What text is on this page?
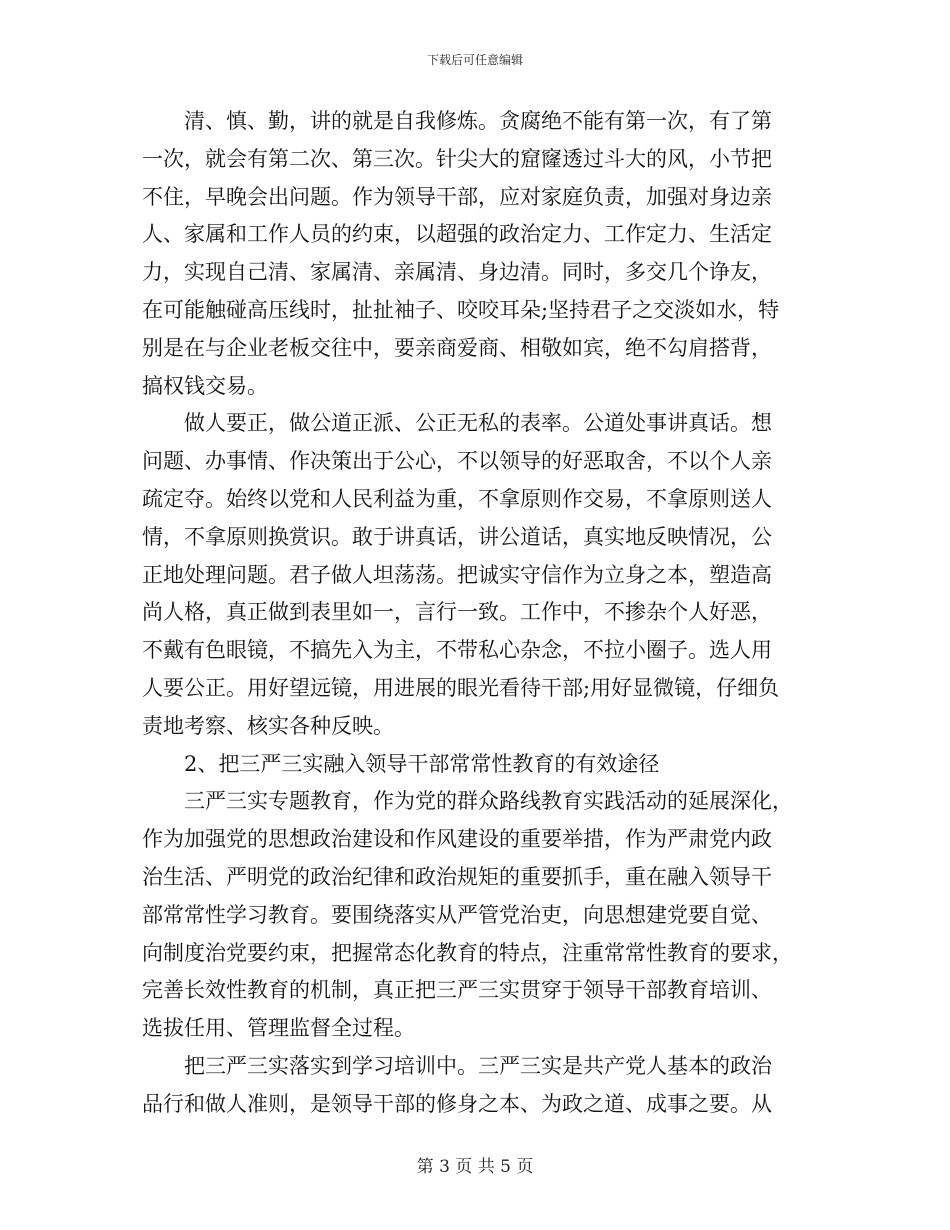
下载后可任意编辑

清、慎、勤，讲的就是自我修炼。贪腐绝不能有第一次，有了第
一次，就会有第二次、第三次。针尖大的窟窿透过斗大的风，小节把
不住，早晚会出问题。作为领导干部，应对家庭负责，加强对身边亲
人、家属和工作人员的约束，以超强的政治定力、工作定力、生活定
力，实现自己清、家属清、亲属清、身边清。同时，多交几个诤友，
在可能触碰高压线时，扯扯袖子、咬咬耳朵;坚持君子之交淡如水，特
别是在与企业老板交往中，要亲商爱商、相敬如宾，绝不勾肩搭背，
搞权钱交易。

做人要正，做公道正派、公正无私的表率。公道处事讲真话。想
问题、办事情、作决策出于公心，不以领导的好恶取舍，不以个人亲
疏定夺。始终以党和人民利益为重，不拿原则作交易，不拿原则送人
情，不拿原则换赏识。敢于讲真话，讲公道话，真实地反映情况，公
正地处理问题。君子做人坦荡荡。把诚实守信作为立身之本，塑造高
尚人格，真正做到表里如一，言行一致。工作中，不掺杂个人好恶，
不戴有色眼镜，不搞先入为主，不带私心杂念，不拉小圈子。选人用
人要公正。用好望远镜，用进展的眼光看待干部;用好显微镜，仔细负
责地考察、核实各种反映。

2、把三严三实融入领导干部常常性教育的有效途径

三严三实专题教育，作为党的群众路线教育实践活动的延展深化，
作为加强党的思想政治建设和作风建设的重要举措，作为严肃党内政
治生活、严明党的政治纪律和政治规矩的重要抓手，重在融入领导干
部常常性学习教育。要围绕落实从严管党治吏，向思想建党要自觉、
向制度治党要约束，把握常态化教育的特点，注重常常性教育的要求，
完善长效性教育的机制，真正把三严三实贯穿于领导干部教育培训、
选拔任用、管理监督全过程。

把三严三实落实到学习培训中。三严三实是共产党人基本的政治
品行和做人准则，是领导干部的修身之本、为政之道、成事之要。从

第 3 页 共 5 页
